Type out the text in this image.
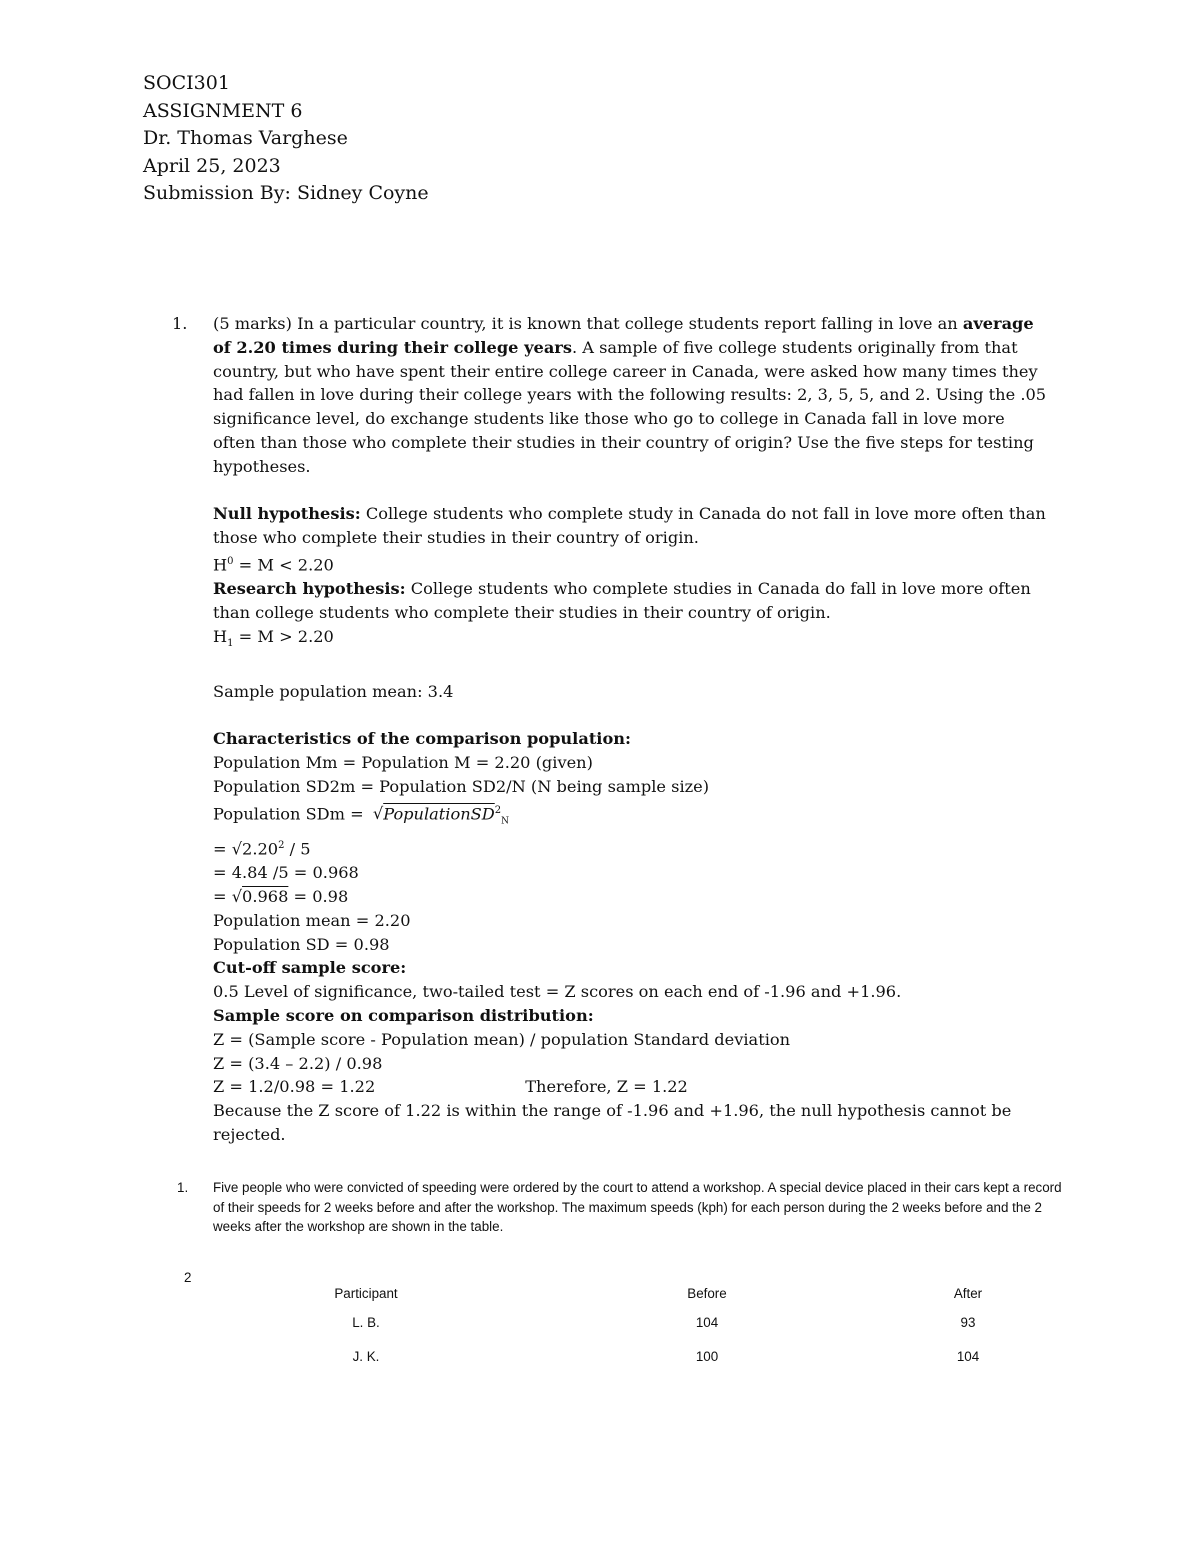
SOCI301
ASSIGNMENT 6
Dr. Thomas Varghese
April 25, 2023
Submission By: Sidney Coyne
1. (5 marks) In a particular country, it is known that college students report falling in love an average of 2.20 times during their college years. A sample of five college students originally from that country, but who have spent their entire college career in Canada, were asked how many times they had fallen in love during their college years with the following results: 2, 3, 5, 5, and 2. Using the .05 significance level, do exchange students like those who go to college in Canada fall in love more often than those who complete their studies in their country of origin? Use the five steps for testing hypotheses.

Null hypothesis: College students who complete study in Canada do not fall in love more often than those who complete their studies in their country of origin.

$H^0 = M < 2.20$

Research hypothesis: College students who complete studies in Canada do fall in love more often than college students who complete their studies in their country of origin.

$H_1 = M > 2.20$

Sample population mean: 3.4

Characteristics of the comparison population:

Population Mm = Population M = 2.20 (given)

Population SD2m = Population SD2/N (N being sample size)

Population SDm = √PopulationSD$^2_N$

= $√2.20^2 / 5$

= 4.84 /5 = 0.968

= √0.968 = 0.98

Population mean = 2.20

Population SD = 0.98

Cut-off sample score:

0.5 Level of significance, two-tailed test = Z scores on each end of -1.96 and +1.96.

Sample score on comparison distribution:

Z = (Sample score - Population mean) / population Standard deviation

Z = (3.4 – 2.2) / 0.98

Z = 1.2/0.98 = 1.22	Therefore, Z = 1.22

Because the Z score of 1.22 is within the range of -1.96 and +1.96, the null hypothesis cannot be rejected.

1. Five people who were convicted of speeding were ordered by the court to attend a workshop. A special device placed in their cars kept a record of their speeds for 2 weeks before and after the workshop. The maximum speeds (kph) for each person during the 2 weeks before and the 2 weeks after the workshop are shown in the table.
2
Participant	Before	After
L. B.	104	93
J. K.	100	104
